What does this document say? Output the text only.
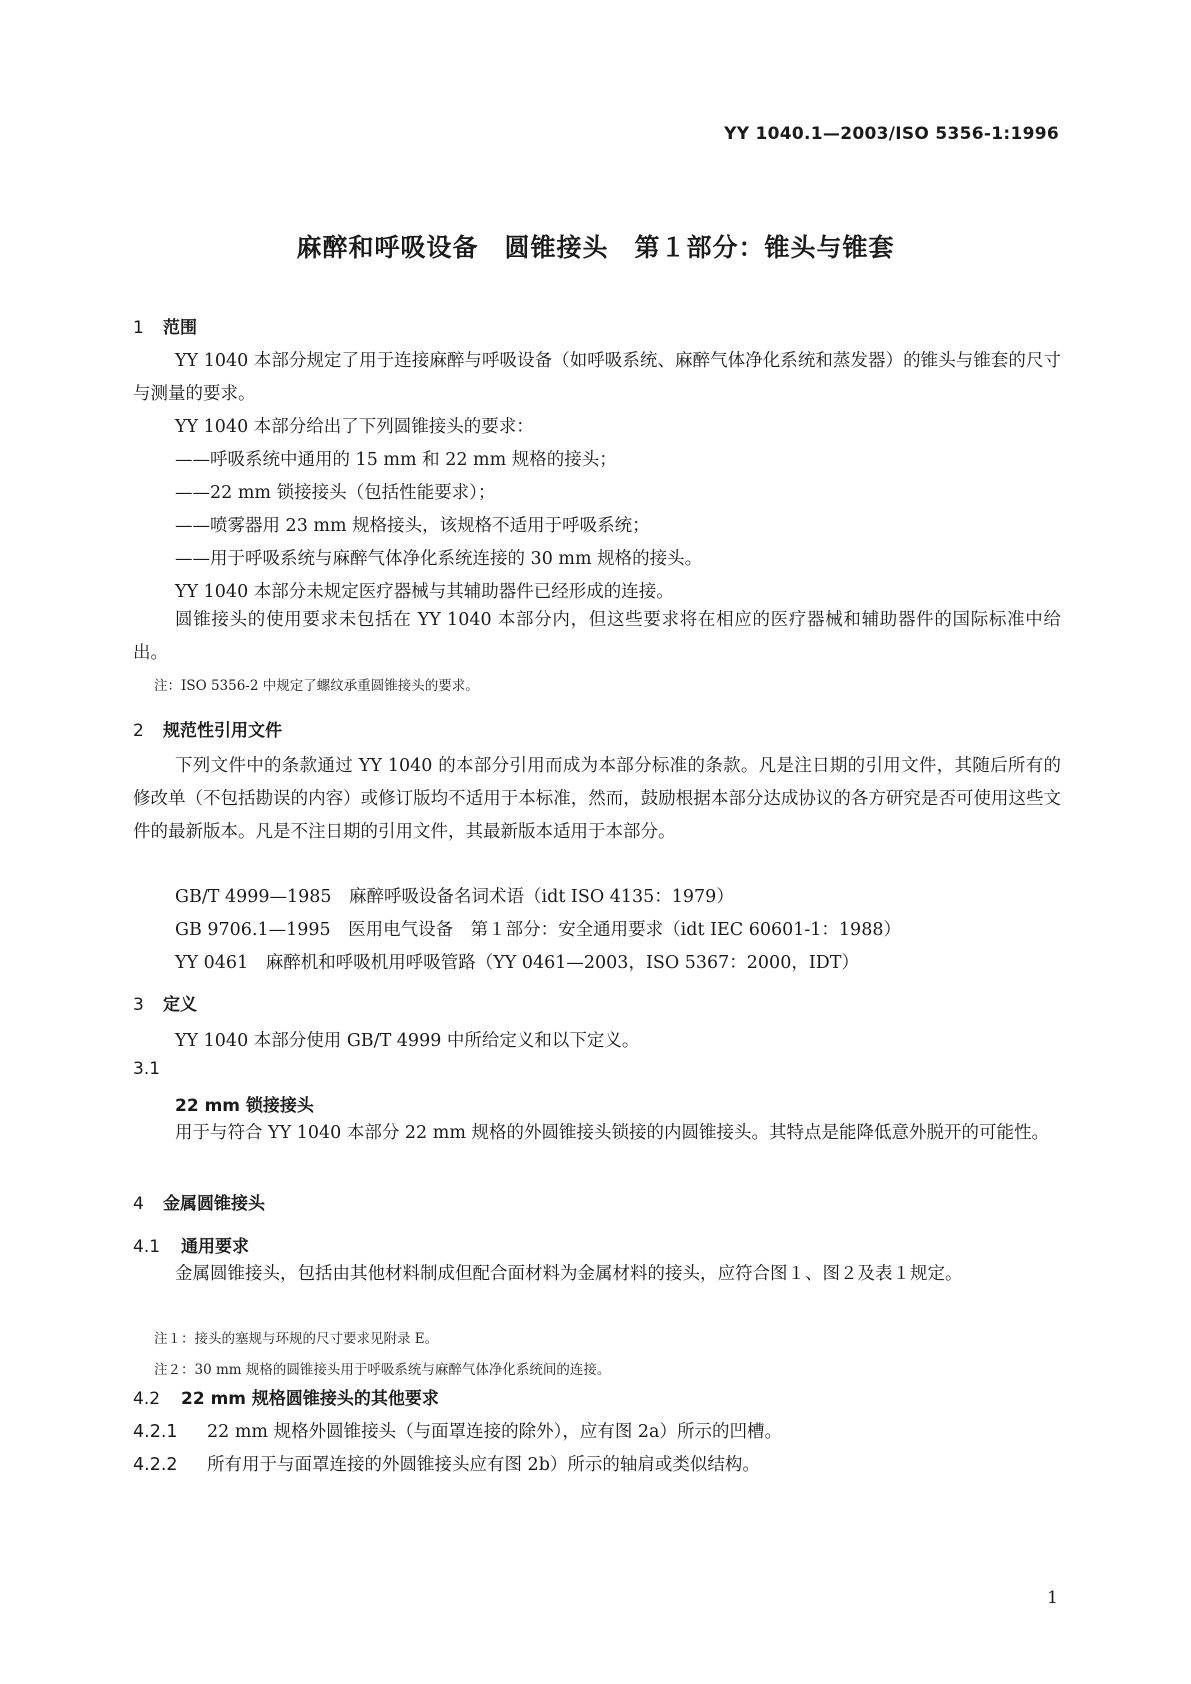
YY 1040.1—2003/ISO 5356-1:1996
麻醉和呼吸设备　圆锥接头　第１部分：锥头与锥套
1 范围
YY 1040 本部分规定了用于连接麻醉与呼吸设备（如呼吸系统、麻醉气体净化系统和蒸发器）的锥头与锥套的尺寸与测量的要求。
YY 1040 本部分给出了下列圆锥接头的要求：
——呼吸系统中通用的 15 mm 和 22 mm 规格的接头；
——22 mm 锁接接头（包括性能要求）；
——喷雾器用 23 mm 规格接头，该规格不适用于呼吸系统；
——用于呼吸系统与麻醉气体净化系统连接的 30 mm 规格的接头。
YY 1040 本部分未规定医疗器械与其辅助器件已经形成的连接。
圆锥接头的使用要求未包括在 YY 1040 本部分内，但这些要求将在相应的医疗器械和辅助器件的国际标准中给出。
注：ISO 5356-2 中规定了螺纹承重圆锥接头的要求。
2 规范性引用文件
下列文件中的条款通过 YY 1040 的本部分引用而成为本部分标准的条款。凡是注日期的引用文件，其随后所有的修改单（不包括勘误的内容）或修订版均不适用于本标准，然而，鼓励根据本部分达成协议的各方研究是否可使用这些文件的最新版本。凡是不注日期的引用文件，其最新版本适用于本部分。
GB/T 4999—1985　麻醉呼吸设备名词术语（idt ISO 4135：1979）
GB 9706.1—1995　医用电气设备　第１部分：安全通用要求（idt IEC 60601-1：1988）
YY 0461　麻醉机和呼吸机用呼吸管路（YY 0461—2003，ISO 5367：2000，IDT）
3 定义
YY 1040 本部分使用 GB/T 4999 中所给定义和以下定义。
3.1
22 mm 锁接接头
用于与符合 YY 1040 本部分 22 mm 规格的外圆锥接头锁接的内圆锥接头。其特点是能降低意外脱开的可能性。
4 金属圆锥接头
4.1 通用要求
金属圆锥接头，包括由其他材料制成但配合面材料为金属材料的接头，应符合图１、图２及表１规定。
注１：接头的塞规与环规的尺寸要求见附录 E。
注２：30 mm 规格的圆锥接头用于呼吸系统与麻醉气体净化系统间的连接。
4.2 22 mm 规格圆锥接头的其他要求
4.2.1 22 mm 规格外圆锥接头（与面罩连接的除外），应有图 2a）所示的凹槽。
4.2.2 所有用于与面罩连接的外圆锥接头应有图 2b）所示的轴肩或类似结构。
1
